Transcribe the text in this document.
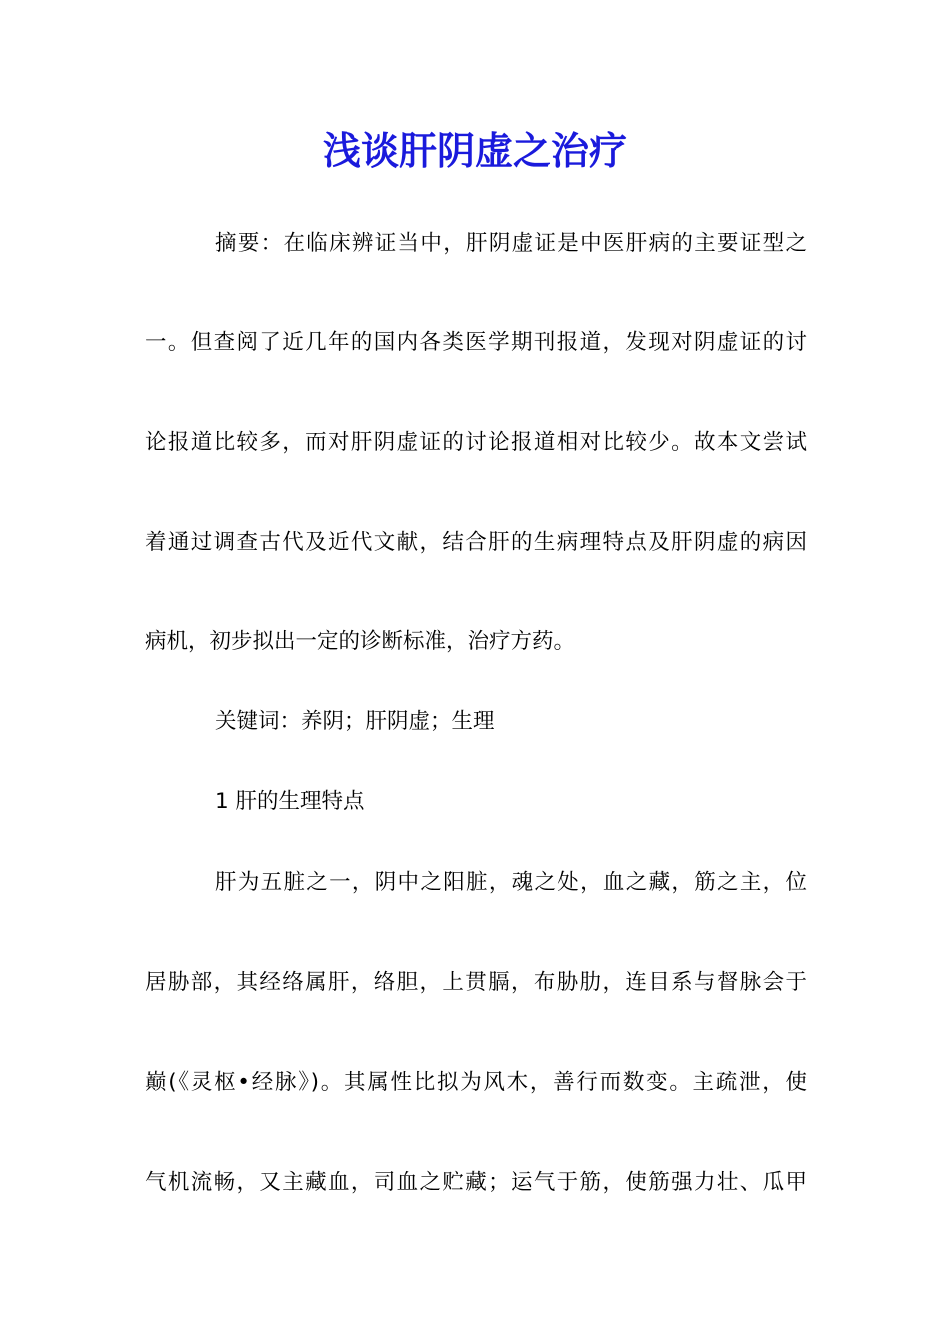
浅谈肝阴虚之治疗
摘要：在临床辨证当中，肝阴虚证是中医肝病的主要证型之
一。但查阅了近几年的国内各类医学期刊报道，发现对阴虚证的讨
论报道比较多，而对肝阴虚证的讨论报道相对比较少。故本文尝试
着通过调查古代及近代文献，结合肝的生病理特点及肝阴虚的病因
病机，初步拟出一定的诊断标准，治疗方药。
关键词：养阴；肝阴虚；生理
1 肝的生理特点
肝为五脏之一，阴中之阳脏，魂之处，血之藏，筋之主，位
居胁部，其经络属肝，络胆，上贯膈，布胁肋，连目系与督脉会于
巅(《灵枢•经脉》)。其属性比拟为风木，善行而数变。主疏泄，使
气机流畅，又主藏血，司血之贮藏；运气于筋，使筋强力壮、瓜甲
